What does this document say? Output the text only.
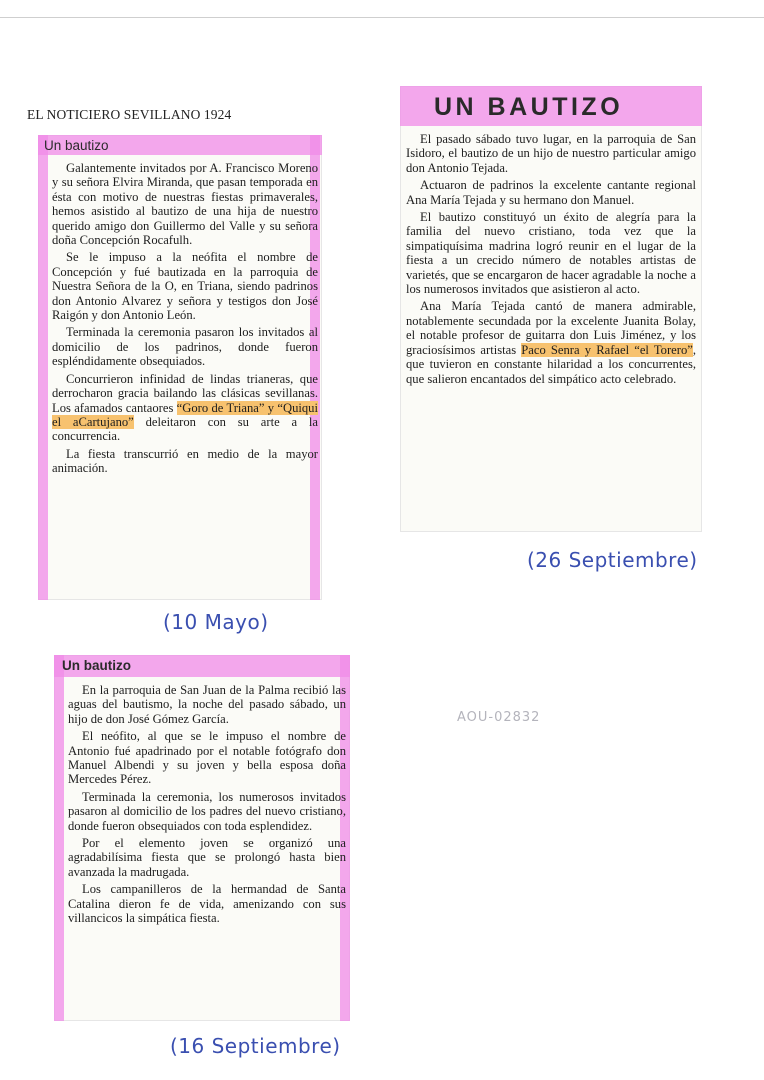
EL NOTICIERO SEVILLANO 1924
Un bautizo

Galantemente invitados por A. Francisco Moreno y su señora Elvira Miranda, que pasan temporada en ésta con motivo de nuestras fiestas primaverales, hemos asistido al bautizo de una hija de nuestro querido amigo don Guillermo del Valle y su señora doña Concepción Rocafulh.

Se le impuso a la neófita el nombre de Concepción y fué bautizada en la parroquia de Nuestra Señora de la O, en Triana, siendo padrinos don Antonio Alvarez y señora y testigos don José Raigón y don Antonio León.

Terminada la ceremonia pasaron los invitados al domicilio de los padrinos, donde fueron espléndidamente obsequiados.

Concurrieron infinidad de lindas trianeras, que derrocharon gracia bailando las clásicas sevillanas. Los afamados cantaores “Goro de Triana” y “Quiqui el aCartujano” deleitaron con su arte a la concurrencia.

La fiesta transcurrió en medio de la mayor animación.

(10 Mayo)
UN BAUTIZO

El pasado sábado tuvo lugar, en la parroquia de San Isidoro, el bautizo de un hijo de nuestro particular amigo don Antonio Tejada.

Actuaron de padrinos la excelente cantante regional Ana María Tejada y su hermano don Manuel.

El bautizo constituyó un éxito de alegría para la familia del nuevo cristiano, toda vez que la simpatiquísima madrina logró reunir en el lugar de la fiesta a un crecido número de notables artistas de varietés, que se encargaron de hacer agradable la noche a los numerosos invitados que asistieron al acto.

Ana María Tejada cantó de manera admirable, notablemente secundada por la excelente Juanita Bolay, el notable profesor de guitarra don Luis Jiménez, y los graciosísimos artistas Paco Senra y Rafael “el Torero”, que tuvieron en constante hilaridad a los concurrentes, que salieron encantados del simpático acto celebrado.

(26 Septiembre)
Un bautizo

En la parroquia de San Juan de la Palma recibió las aguas del bautismo, la noche del pasado sábado, un hijo de don José Gómez García.

El neófito, al que se le impuso el nombre de Antonio fué apadrinado por el notable fotógrafo don Manuel Albendi y su joven y bella esposa doña Mercedes Pérez.

Terminada la ceremonia, los numerosos invitados pasaron al domicilio de los padres del nuevo cristiano, donde fueron obsequiados con toda esplendidez.

Por el elemento joven se organizó una agradabilísima fiesta que se prolongó hasta bien avanzada la madrugada.

Los campanilleros de la hermandad de Santa Catalina dieron fe de vida, amenizando con sus villancicos la simpática fiesta.

(16 Septiembre)
AOU-02832
